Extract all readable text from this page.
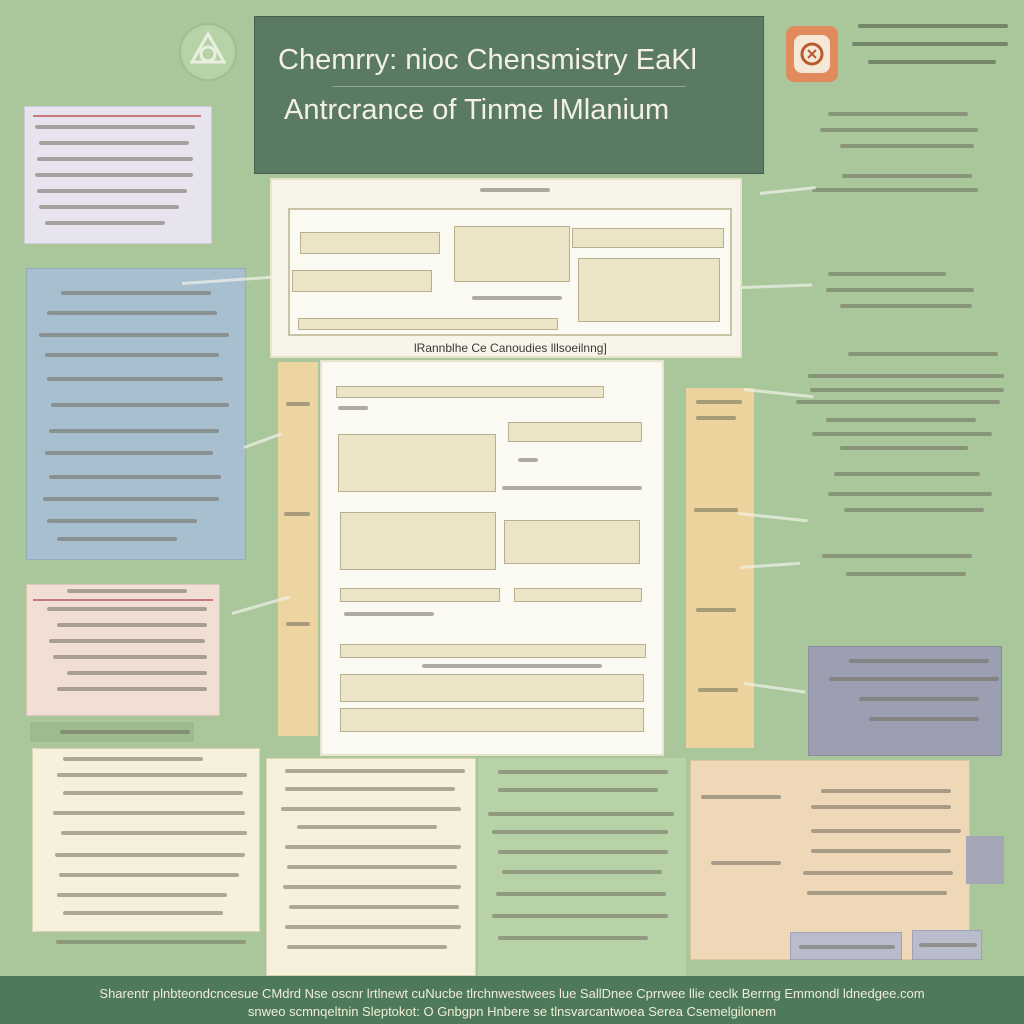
Chemrry: nioc Chensmistry EaKl
Antrcrance of Tinme IMlanium
lRannblhe Ce Canoudies lllsoeilnng]
Sharentr plnbteondcncesue CMdrd Nse oscnr lrtlnewt cuNucbe tlrchnwestwees lue SallDnee Cprrwee llie ceclk Berrng Emmondl ldnedgee.com
snweo scmnqeltnin Sleptokot: O Gnbgpn Hnbere se tlnsvarcantwoea Serea Csemelgilonem
